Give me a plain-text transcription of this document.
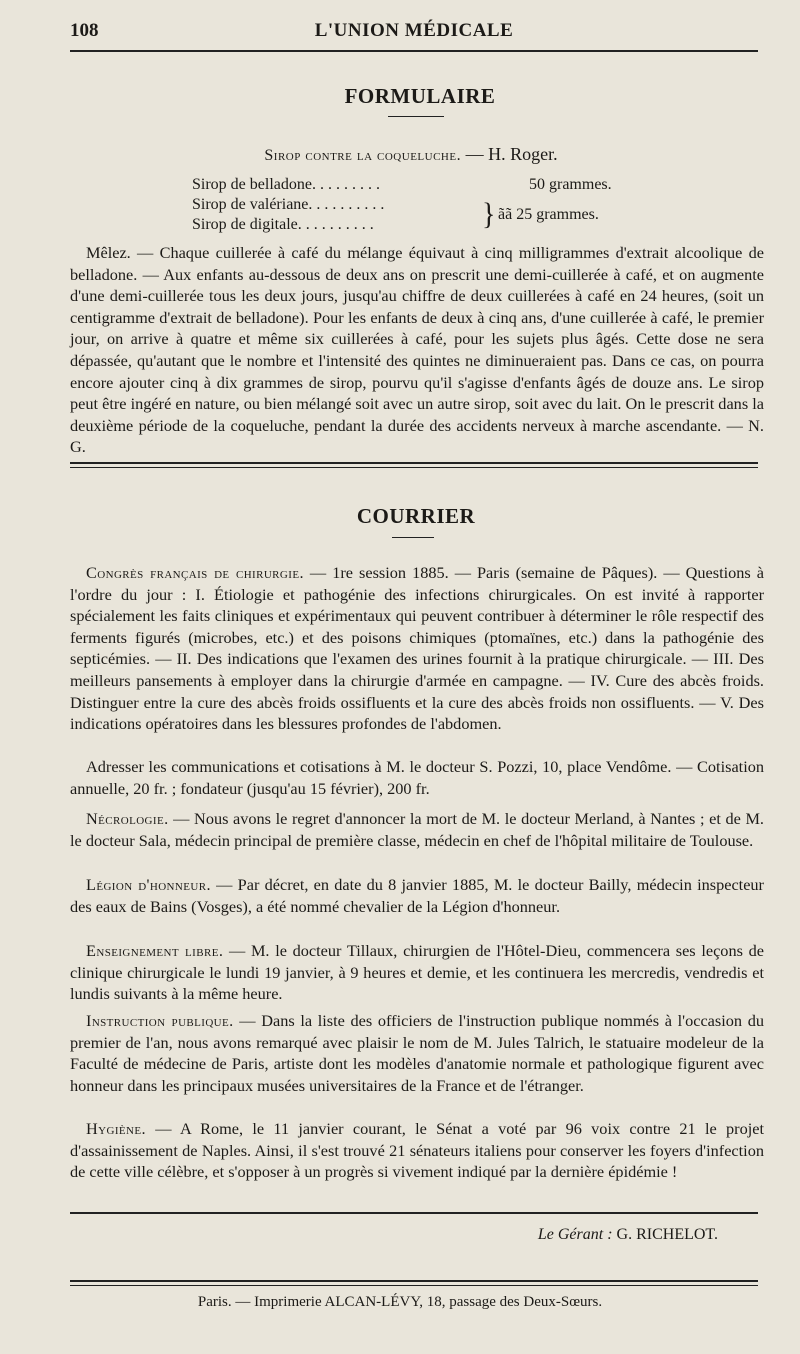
108	L'UNION MÉDICALE
FORMULAIRE
Sirop contre la coqueluche. — H. Roger.
Sirop de belladone. . . . . . . . .	50 grammes.
Sirop de valériane. . . . . . . . . .
Sirop de digitale. . . . . . . . . .	} ãã 25 grammes.

Mêlez. — Chaque cuillerée à café du mélange équivaut à cinq milligrammes d'extrait alcoolique de belladone. — Aux enfants au-dessous de deux ans on prescrit une demi-cuillerée à café, et on augmente d'une demi-cuillerée tous les deux jours, jusqu'au chiffre de deux cuillerées à café en 24 heures, (soit un centigramme d'extrait de belladone). Pour les enfants de deux à cinq ans, d'une cuillerée à café, le premier jour, on arrive à quatre et même six cuillerées à café, pour les sujets plus âgés. Cette dose ne sera dépassée, qu'autant que le nombre et l'intensité des quintes ne diminueraient pas. Dans ce cas, on pourra encore ajouter cinq à dix grammes de sirop, pourvu qu'il s'agisse d'enfants âgés de douze ans. Le sirop peut être ingéré en nature, ou bien mélangé soit avec un autre sirop, soit avec du lait. On le prescrit dans la deuxième période de la coqueluche, pendant la durée des accidents nerveux à marche ascendante. — N. G.

COURRIER

Congrès français de chirurgie. — 1re session 1885. — Paris (semaine de Pâques). — Questions à l'ordre du jour : I. Étiologie et pathogénie des infections chirurgicales. On est invité à rapporter spécialement les faits cliniques et expérimentaux qui peuvent contribuer à déterminer le rôle respectif des ferments figurés (microbes, etc.) et des poisons chimiques (ptomaïnes, etc.) dans la pathogénie des septicémies. — II. Des indications que l'examen des urines fournit à la pratique chirurgicale. — III. Des meilleurs pansements à employer dans la chirurgie d'armée en campagne. — IV. Cure des abcès froids. Distinguer entre la cure des abcès froids ossifluents et la cure des abcès froids non ossifluents. — V. Des indications opératoires dans les blessures profondes de l'abdomen.

Adresser les communications et cotisations à M. le docteur S. Pozzi, 10, place Vendôme. — Cotisation annuelle, 20 fr. ; fondateur (jusqu'au 15 février), 200 fr.

Nécrologie. — Nous avons le regret d'annoncer la mort de M. le docteur Merland, à Nantes ; et de M. le docteur Sala, médecin principal de première classe, médecin en chef de l'hôpital militaire de Toulouse.

Légion d'honneur. — Par décret, en date du 8 janvier 1885, M. le docteur Bailly, médecin inspecteur des eaux de Bains (Vosges), a été nommé chevalier de la Légion d'honneur.

Enseignement libre. — M. le docteur Tillaux, chirurgien de l'Hôtel-Dieu, commencera ses leçons de clinique chirurgicale le lundi 19 janvier, à 9 heures et demie, et les continuera les mercredis, vendredis et lundis suivants à la même heure.

Instruction publique. — Dans la liste des officiers de l'instruction publique nommés à l'occasion du premier de l'an, nous avons remarqué avec plaisir le nom de M. Jules Talrich, le statuaire modeleur de la Faculté de médecine de Paris, artiste dont les modèles d'anatomie normale et pathologique figurent avec honneur dans les principaux musées universitaires de la France et de l'étranger.

Hygiène. — A Rome, le 11 janvier courant, le Sénat a voté par 96 voix contre 21 le projet d'assainissement de Naples. Ainsi, il s'est trouvé 21 sénateurs italiens pour conserver les foyers d'infection de cette ville célèbre, et s'opposer à un progrès si vivement indiqué par la dernière épidémie !

Le Gérant : G. RICHELOT.
Paris. — Imprimerie ALCAN-LÉVY, 18, passage des Deux-Sœurs.
